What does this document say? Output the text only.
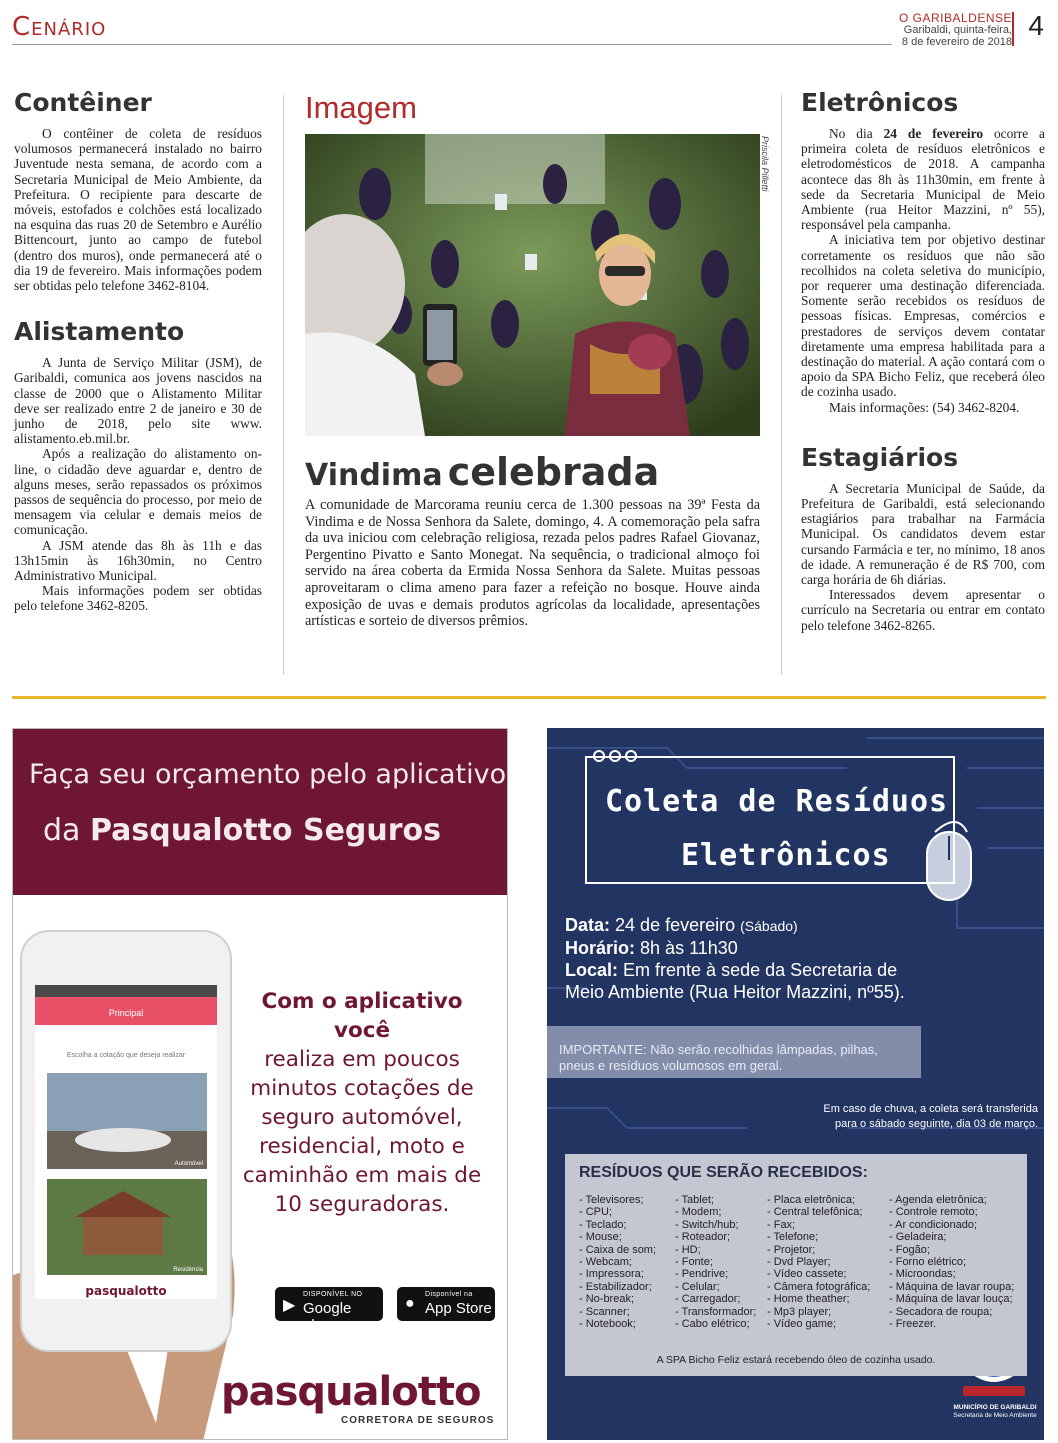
Cenário	O GARIBALDENSE
Garibaldi, quinta-feira,
8 de fevereiro de 2018
4
Contêiner

O contêiner de coleta de resíduos volumosos permanecerá instalado no bairro Juventude nesta semana, de acordo com a Secretaria Municipal de Meio Ambiente, da Prefeitura. O recipiente para descarte de móveis, estofados e colchões está localizado na esquina das ruas 20 de Setembro e Aurélio Bittencourt, junto ao campo de futebol (dentro dos muros), onde permanecerá até o dia 19 de fevereiro. Mais informações podem ser obtidas pelo telefone 3462-8104.

Alistamento

A Junta de Serviço Militar (JSM), de Garibaldi, comunica aos jovens nascidos na classe de 2000 que o Alistamento Militar deve ser realizado entre 2 de janeiro e 30 de junho de 2018, pelo site www. alistamento.eb.mil.br.

Após a realização do alistamento on-line, o cidadão deve aguardar e, dentro de alguns meses, serão repassados os próximos passos de sequência do processo, por meio de mensagem via celular e demais meios de comunicação.

A JSM atende das 8h às 11h e das 13h15min às 16h30min, no Centro Administrativo Municipal.

Mais informações podem ser obtidas pelo telefone 3462-8205.

Imagem
Priscila Pilletti
Vindima celebrada
A comunidade de Marcorama reuniu cerca de 1.300 pessoas na 39ª Festa da Vindima e de Nossa Senhora da Salete, domingo, 4. A comemoração pela safra da uva iniciou com celebração religiosa, rezada pelos padres Rafael Giovanaz, Pergentino Pivatto e Santo Monegat. Na sequência, o tradicional almoço foi servido na área coberta da Ermida Nossa Senhora da Salete. Muitas pessoas aproveitaram o clima ameno para fazer a refeição no bosque. Houve ainda exposição de uvas e demais produtos agrícolas da localidade, apresentações artísticas e sorteio de diversos prêmios.
Eletrônicos

No dia 24 de fevereiro ocorre a primeira coleta de resíduos eletrônicos e eletrodomésticos de 2018. A campanha acontece das 8h às 11h30min, em frente à sede da Secretaria Municipal de Meio Ambiente (rua Heitor Mazzini, nº 55), responsável pela campanha.

A iniciativa tem por objetivo destinar corretamente os resíduos que não são recolhidos na coleta seletiva do município, por requerer uma destinação diferenciada. Somente serão recebidos os resíduos de pessoas físicas. Empresas, comércios e prestadores de serviços devem contatar diretamente uma empresa habilitada para a destinação do material. A ação contará com o apoio da SPA Bicho Feliz, que receberá óleo de cozinha usado.

Mais informações: (54) 3462-8204.

Estagiários

A Secretaria Municipal de Saúde, da Prefeitura de Garibaldi, está selecionando estagiários para trabalhar na Farmácia Municipal. Os candidatos devem estar cursando Farmácia e ter, no mínimo, 18 anos de idade. A remuneração é de R$ 700, com carga horária de 6h diárias.

Interessados devem apresentar o currículo na Secretaria ou entrar em contato pelo telefone 3462-8265.

Faça seu orçamento pelo aplicativo
da Pasqualotto Seguros
Principal
Escolha a cotação que deseja realizar
Automóvel
Residência
pasqualotto
Com o aplicativo você
realiza em poucos minutos cotações de seguro automóvel, residencial, moto e caminhão em mais de 10 seguradoras.
▶
DISPONÍVEL NO
Google play
●
Disponível na
App Store
pasqualotto
CORRETORA DE SEGUROS
Coleta de Resíduos
Eletrônicos
Data: 24 de fevereiro (Sábado)
Horário: 8h às 11h30
Local: Em frente à sede da Secretaria de Meio Ambiente (Rua Heitor Mazzini, nº55).
IMPORTANTE: Não serão recolhidas lâmpadas, pilhas, pneus e resíduos volumosos em geral.
Em caso de chuva, a coleta será transferida
para o sábado seguinte, dia 03 de março.
RESÍDUOS QUE SERÃO RECEBIDOS:
- Televisores;
- CPU;
- Teclado;
- Mouse;
- Caixa de som;
- Webcam;
- Impressora;
- Estabilizador;
- No-break;
- Scanner;
- Notebook;
- Tablet;
- Modem;
- Switch/hub;
- Roteador;
- HD;
- Fonte;
- Pendrive;
- Celular;
- Carregador;
- Transformador;
- Cabo elétrico;
- Placa eletrônica;
- Central telefônica;
- Fax;
- Telefone;
- Projetor;
- Dvd Player;
- Vídeo cassete;
- Câmera fotográfica;
- Home theather;
- Mp3 player;
- Vídeo game;
- Agenda eletrônica;
- Controle remoto;
- Ar condicionado;
- Geladeira;
- Fogão;
- Forno elétrico;
- Microondas;
- Máquina de lavar roupa;
- Máquina de lavar louça;
- Secadora de roupa;
- Freezer.
A SPA Bicho Feliz estará recebendo óleo de cozinha usado.
MUNICÍPIO DE GARIBALDI
Secretaria de Meio Ambiente
